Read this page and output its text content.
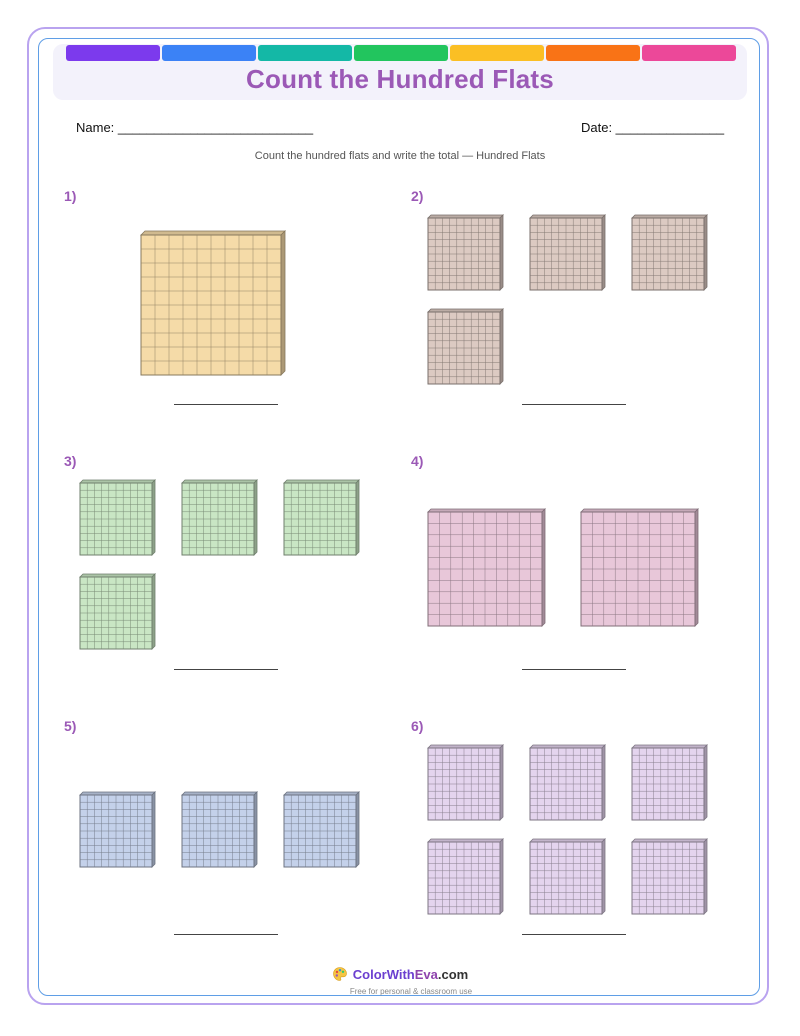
Count the Hundred Flats
Name: ___________________________	Date: _______________
Count the hundred flats and write the total — Hundred Flats
1)	2)
3)	4)
5)	6)
ColorWithEva.com
Free for personal & classroom use
